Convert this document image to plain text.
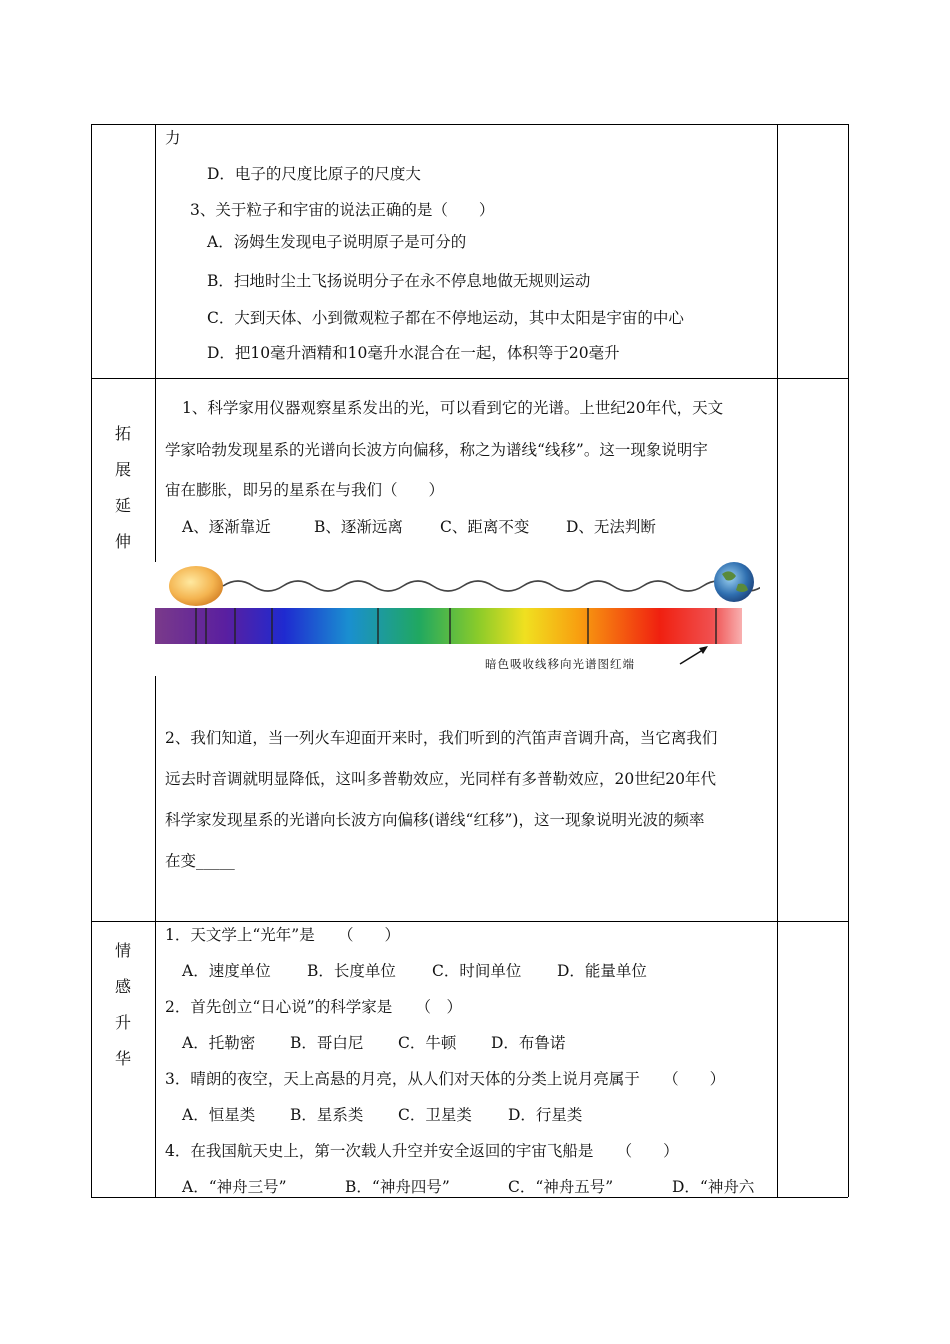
力
D．电子的尺度比原子的尺度大
3、关于粒子和宇宙的说法正确的是（　　）
A．汤姆生发现电子说明原子是可分的
B．扫地时尘土飞扬说明分子在永不停息地做无规则运动
C．大到天体、小到微观粒子都在不停地运动，其中太阳是宇宙的中心
D．把10毫升酒精和10毫升水混合在一起，体积等于20毫升
拓
展
延
伸
1、科学家用仪器观察星系发出的光，可以看到它的光谱。上世纪20年代，天文
学家哈勃发现星系的光谱向长波方向偏移，称之为谱线“线移”。这一现象说明宇
宙在膨胀，即另的星系在与我们（　　）
A、逐渐靠近	B、逐渐远离 C、距离不变 D、无法判断
暗色吸收线移向光谱图红端
2、我们知道，当一列火车迎面开来时，我们听到的汽笛声音调升高，当它离我们
远去时音调就明显降低，这叫多普勒效应，光同样有多普勒效应，20世纪20年代
科学家发现星系的光谱向长波方向偏移(谱线“红移”)，这一现象说明光波的频率
在变_____
情
感
升
华
1．天文学上“光年”是　　（　　）
A．速度单位 B．长度单位 C．时间单位 D．能量单位
2．首先创立“日心说”的科学家是　　（　）
A．托勒密 B．哥白尼 C．牛顿 D．布鲁诺
3．晴朗的夜空，天上高悬的月亮，从人们对天体的分类上说月亮属于　　（　　）
A．恒星类 B．星系类 C．卫星类 D．行星类
4．在我国航天史上，第一次载人升空并安全返回的宇宙飞船是　　（　　）
A．“神舟三号”	B．“神舟四号”	C．“神舟五号”	D．“神舟六
